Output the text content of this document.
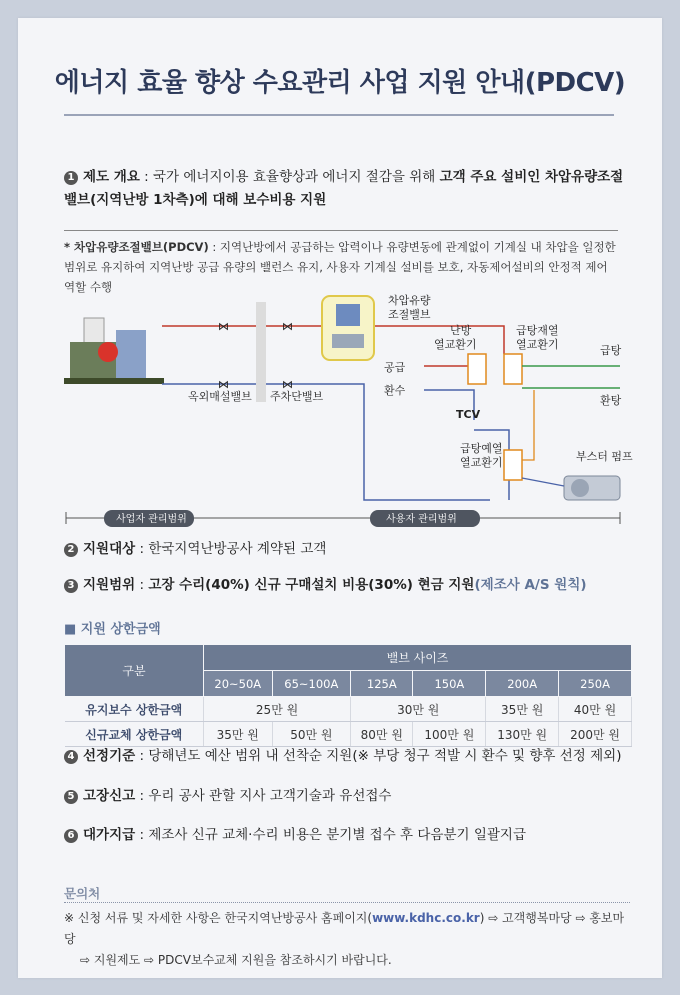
에너지 효율 향상 수요관리 사업 지원 안내(PDCV)
1 제도 개요 : 국가 에너지이용 효율향상과 에너지 절감을 위해 고객 주요 설비인 차압유량조절
밸브(지역난방 1차측)에 대해 보수비용 지원
* 차압유량조절밸브(PDCV) : 지역난방에서 공급하는 압력이나 유량변동에 관계없이 기계실 내 차압을 일정한 범위로 유지하여 지역난방 공급 유량의 밸런스 유지, 사용자 기계실 설비를 보호, 자동제어설비의 안정적 제어 역할 수행
⋈
⋈
⋈
⋈
차압유량
조절밸브
공급
환수
난방
열교환기
급탕재열
열교환기
급탕예열
열교환기
TCV
급탕
환탕
부스터 펌프
옥외매설밸브 주차단밸브
사업자 관리범위	사용자 관리범위
2 지원대상 : 한국지역난방공사 계약된 고객
3 지원범위 : 고장 수리(40%) 신규 구매설치 비용(30%) 현금 지원(제조사 A/S 원칙)
■ 지원 상한금액
구분	밸브 사이즈					
	20~50A	65~100A	125A	150A	200A	250A
유지보수 상한금액	25만 원		30만 원		35만 원	40만 원
신규교체 상한금액	35만 원	50만 원	80만 원	100만 원	130만 원	200만 원
4 선정기준 : 당해년도 예산 범위 내 선착순 지원(※ 부당 청구 적발 시 환수 및 향후 선정 제외)
5 고장신고 : 우리 공사 관할 지사 고객기술과 유선접수
6 대가지급 : 제조사 신규 교체·수리 비용은 분기별 접수 후 다음분기 일괄지급
문의처
※ 신청 서류 및 자세한 사항은 한국지역난방공사 홈페이지(www.kdhc.co.kr) ⇨ 고객행복마당 ⇨ 홍보마당
⇨ 지원제도 ⇨ PDCV보수교체 지원을 참조하시기 바랍니다.
